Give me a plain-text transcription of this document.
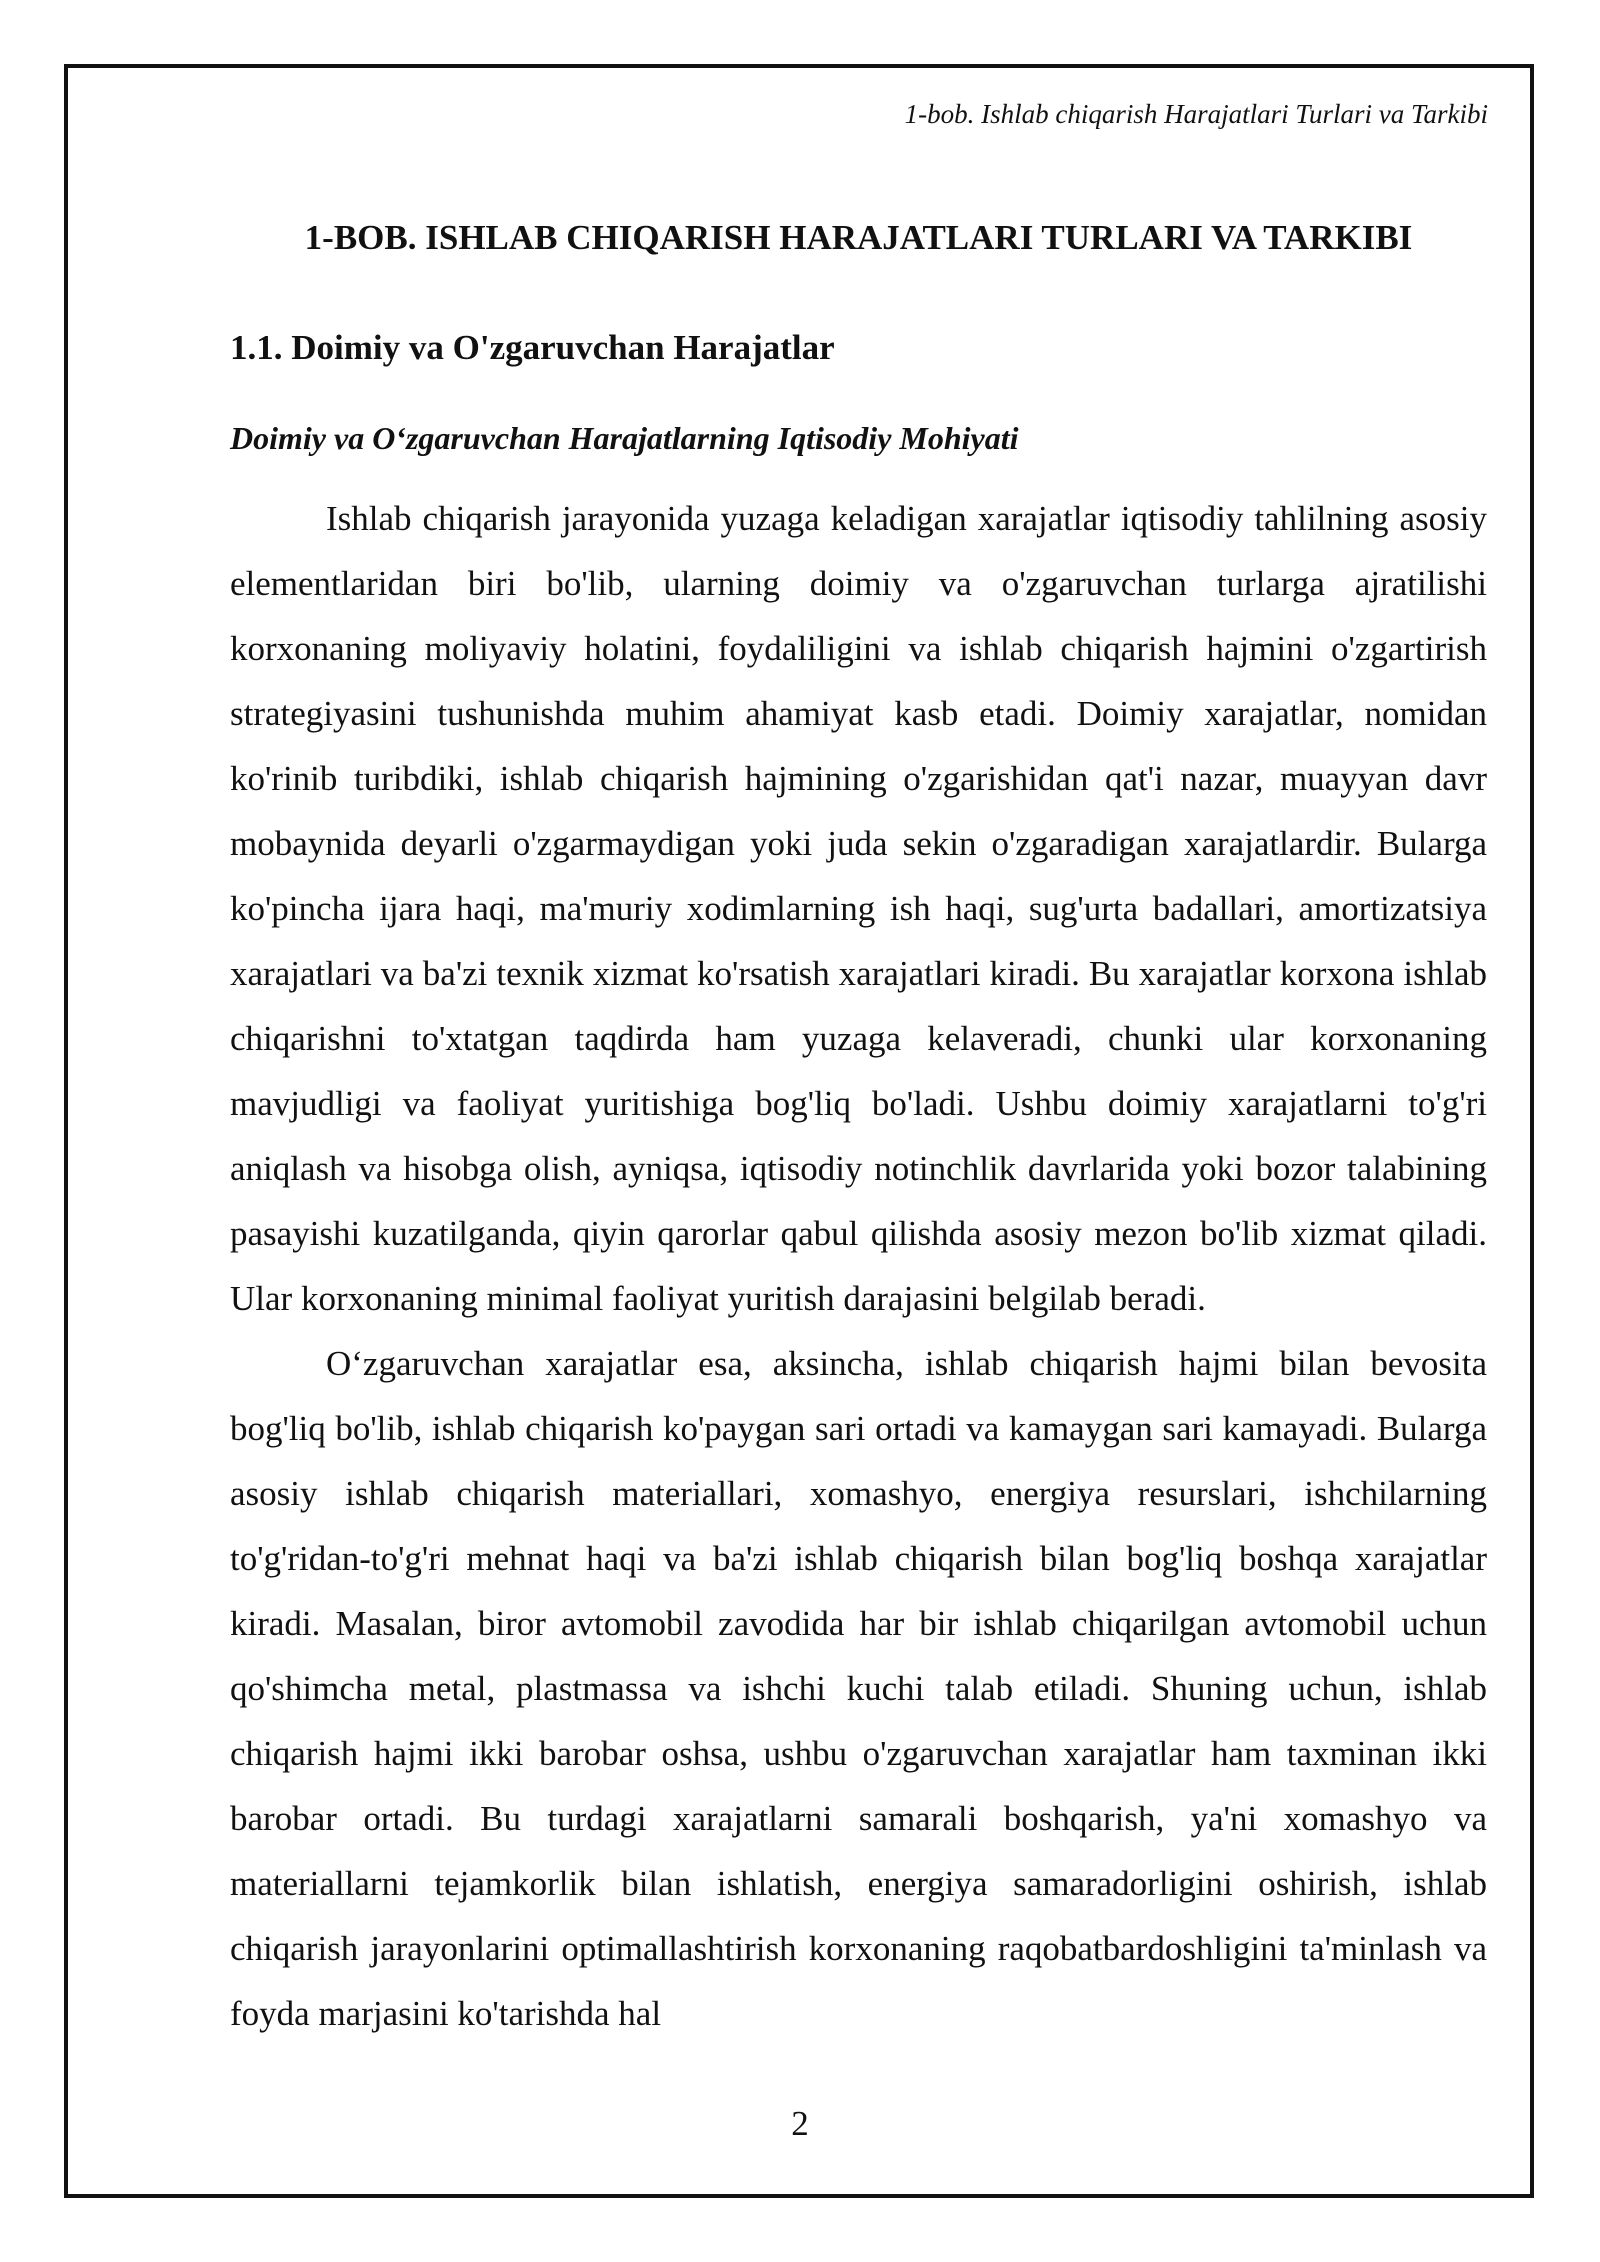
1-bob. Ishlab chiqarish Harajatlari Turlari va Tarkibi
1-BOB. ISHLAB CHIQARISH HARAJATLARI TURLARI VA TARKIBI
1.1. Doimiy va O'zgaruvchan Harajatlar
Doimiy va O‘zgaruvchan Harajatlarning Iqtisodiy Mohiyati

Ishlab chiqarish jarayonida yuzaga keladigan xarajatlar iqtisodiy tahlilning asosiy elementlaridan biri bo'lib, ularning doimiy va o'zgaruvchan turlarga ajratilishi korxonaning moliyaviy holatini, foydaliligini va ishlab chiqarish hajmini o'zgartirish strategiyasini tushunishda muhim ahamiyat kasb etadi. Doimiy xarajatlar, nomidan ko'rinib turibdiki, ishlab chiqarish hajmining o'zgarishidan qat'i nazar, muayyan davr mobaynida deyarli o'zgarmaydigan yoki juda sekin o'zgaradigan xarajatlardir. Bularga ko'pincha ijara haqi, ma'muriy xodimlarning ish haqi, sug'urta badallari, amortizatsiya xarajatlari va ba'zi texnik xizmat ko'rsatish xarajatlari kiradi. Bu xarajatlar korxona ishlab chiqarishni to'xtatgan taqdirda ham yuzaga kelaveradi, chunki ular korxonaning mavjudligi va faoliyat yuritishiga bog'liq bo'ladi. Ushbu doimiy xarajatlarni to'g'ri aniqlash va hisobga olish, ayniqsa, iqtisodiy notinchlik davrlarida yoki bozor talabining pasayishi kuzatilganda, qiyin qarorlar qabul qilishda asosiy mezon bo'lib xizmat qiladi. Ular korxonaning minimal faoliyat yuritish darajasini belgilab beradi.

O‘zgaruvchan xarajatlar esa, aksincha, ishlab chiqarish hajmi bilan bevosita bog'liq bo'lib, ishlab chiqarish ko'paygan sari ortadi va kamaygan sari kamayadi. Bularga asosiy ishlab chiqarish materiallari, xomashyo, energiya resurslari, ishchilarning to'g'ridan-to'g'ri mehnat haqi va ba'zi ishlab chiqarish bilan bog'liq boshqa xarajatlar kiradi. Masalan, biror avtomobil zavodida har bir ishlab chiqarilgan avtomobil uchun qo'shimcha metal, plastmassa va ishchi kuchi talab etiladi. Shuning uchun, ishlab chiqarish hajmi ikki barobar oshsa, ushbu o'zgaruvchan xarajatlar ham taxminan ikki barobar ortadi. Bu turdagi xarajatlarni samarali boshqarish, ya'ni xomashyo va materiallarni tejamkorlik bilan ishlatish, energiya samaradorligini oshirish, ishlab chiqarish jarayonlarini optimallashtirish korxonaning raqobatbardoshligini ta'minlash va foyda marjasini ko'tarishda hal

2
